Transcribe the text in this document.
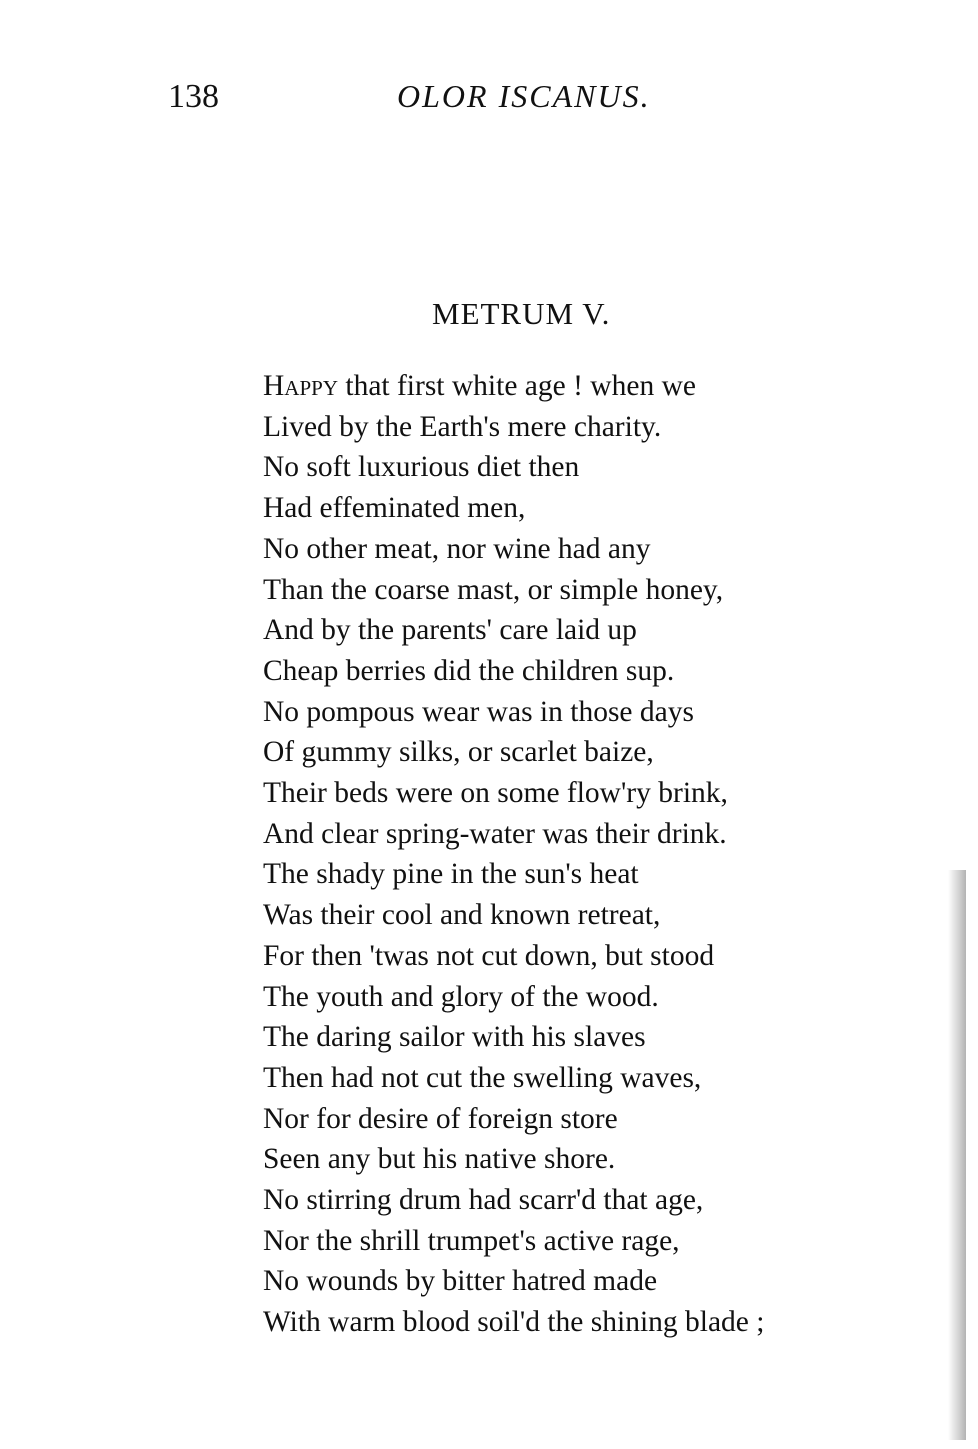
138	OLOR ISCANUS.
METRUM V.
Happy that first white age ! when we
Lived by the Earth's mere charity.
No soft luxurious diet then
Had effeminated men,
No other meat, nor wine had any
Than the coarse mast, or simple honey,
And by the parents' care laid up
Cheap berries did the children sup.
No pompous wear was in those days
Of gummy silks, or scarlet baize,
Their beds were on some flow'ry brink,
And clear spring-water was their drink.
The shady pine in the sun's heat
Was their cool and known retreat,
For then 'twas not cut down, but stood
The youth and glory of the wood.
The daring sailor with his slaves
Then had not cut the swelling waves,
Nor for desire of foreign store
Seen any but his native shore.
No stirring drum had scarr'd that age,
Nor the shrill trumpet's active rage,
No wounds by bitter hatred made
With warm blood soil'd the shining blade ;
